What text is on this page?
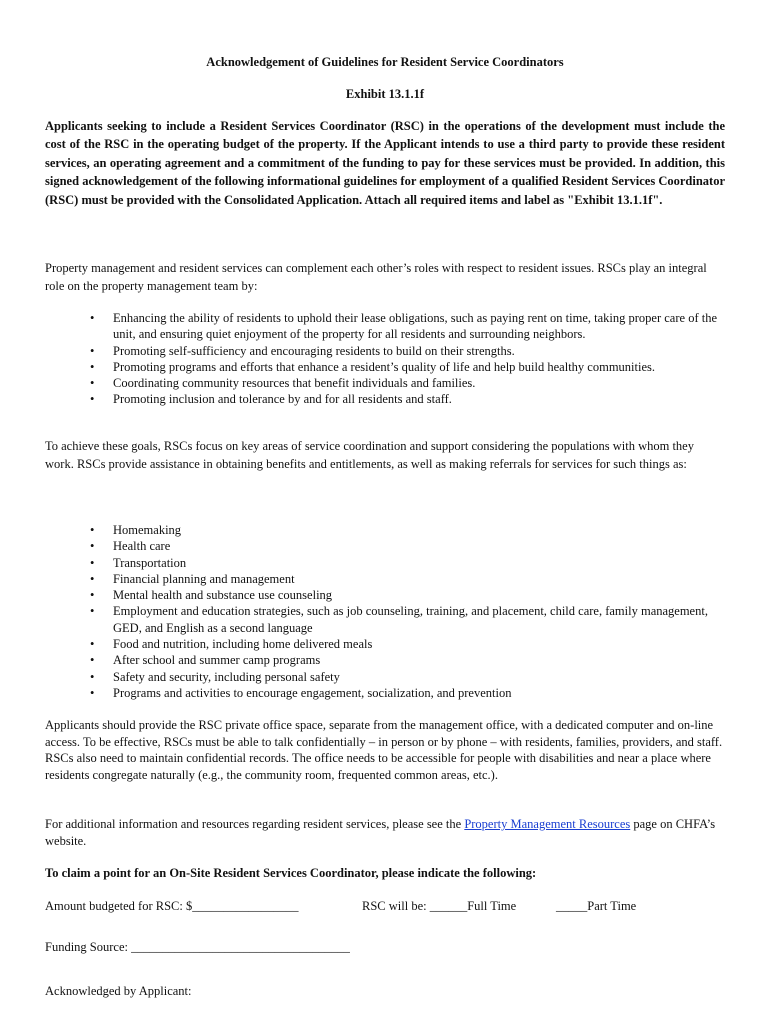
Acknowledgement of Guidelines for Resident Service Coordinators
Exhibit 13.1.1f
Applicants seeking to include a Resident Services Coordinator (RSC) in the operations of the development must include the cost of the RSC in the operating budget of the property. If the Applicant intends to use a third party to provide these resident services, an operating agreement and a commitment of the funding to pay for these services must be provided. In addition, this signed acknowledgement of the following informational guidelines for employment of a qualified Resident Services Coordinator (RSC) must be provided with the Consolidated Application. Attach all required items and label as "Exhibit 13.1.1f".
Property management and resident services can complement each other’s roles with respect to resident issues. RSCs play an integral role on the property management team by:
• Enhancing the ability of residents to uphold their lease obligations, such as paying rent on time, taking proper care of the unit, and ensuring quiet enjoyment of the property for all residents and surrounding neighbors.
• Promoting self-sufficiency and encouraging residents to build on their strengths.
• Promoting programs and efforts that enhance a resident’s quality of life and help build healthy communities.
• Coordinating community resources that benefit individuals and families.
• Promoting inclusion and tolerance by and for all residents and staff.
To achieve these goals, RSCs focus on key areas of service coordination and support considering the populations with whom they work. RSCs provide assistance in obtaining benefits and entitlements, as well as making referrals for services for such things as:
• Homemaking
• Health care
• Transportation
• Financial planning and management
• Mental health and substance use counseling
• Employment and education strategies, such as job counseling, training, and placement, child care, family management, GED, and English as a second language
• Food and nutrition, including home delivered meals
• After school and summer camp programs
• Safety and security, including personal safety
• Programs and activities to encourage engagement, socialization, and prevention
Applicants should provide the RSC private office space, separate from the management office, with a dedicated computer and on-line access. To be effective, RSCs must be able to talk confidentially – in person or by phone – with residents, families, providers, and staff. RSCs also need to maintain confidential records. The office needs to be accessible for people with disabilities and near a place where residents congregate naturally (e.g., the community room, frequented common areas, etc.).
For additional information and resources regarding resident services, please see the Property Management Resources page on CHFA’s website.
To claim a point for an On-Site Resident Services Coordinator, please indicate the following:
Amount budgeted for RSC: $_________________	RSC will be: ______Full Time	_____Part Time
Funding Source: ___________________________________
Acknowledged by Applicant:
